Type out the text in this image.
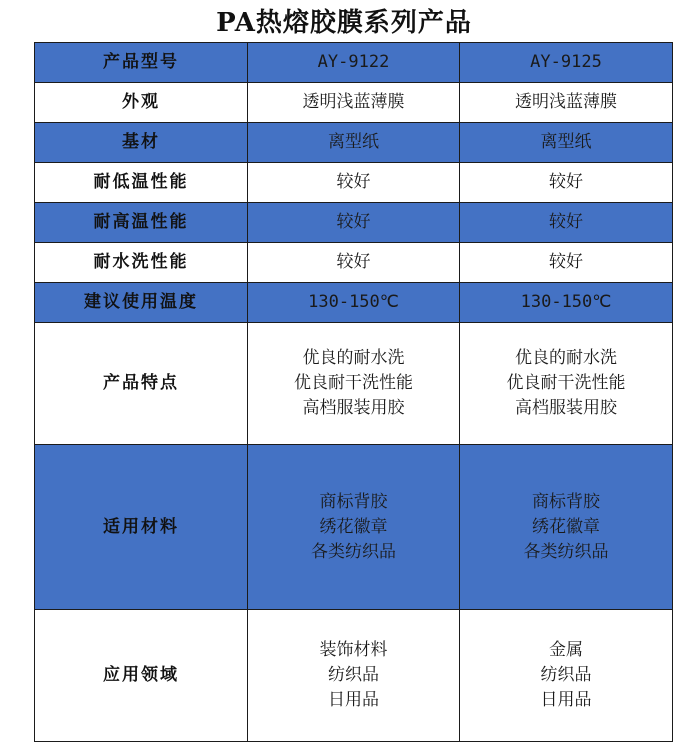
PA热熔胶膜系列产品
产品型号	AY-9122	AY-9125
外观	透明浅蓝薄膜	透明浅蓝薄膜
基材	离型纸	离型纸
耐低温性能	较好	较好
耐高温性能	较好	较好
耐水洗性能	较好	较好
建议使用温度	130-150℃	130-150℃
产品特点	优良的耐水洗
优良耐干洗性能
高档服装用胶	优良的耐水洗
优良耐干洗性能
高档服装用胶

适用材料	商标背胶
绣花徽章
各类纺织品	商标背胶
绣花徽章
各类纺织品

应用领域	装饰材料
纺织品
日用品	金属
纺织品
日用品
